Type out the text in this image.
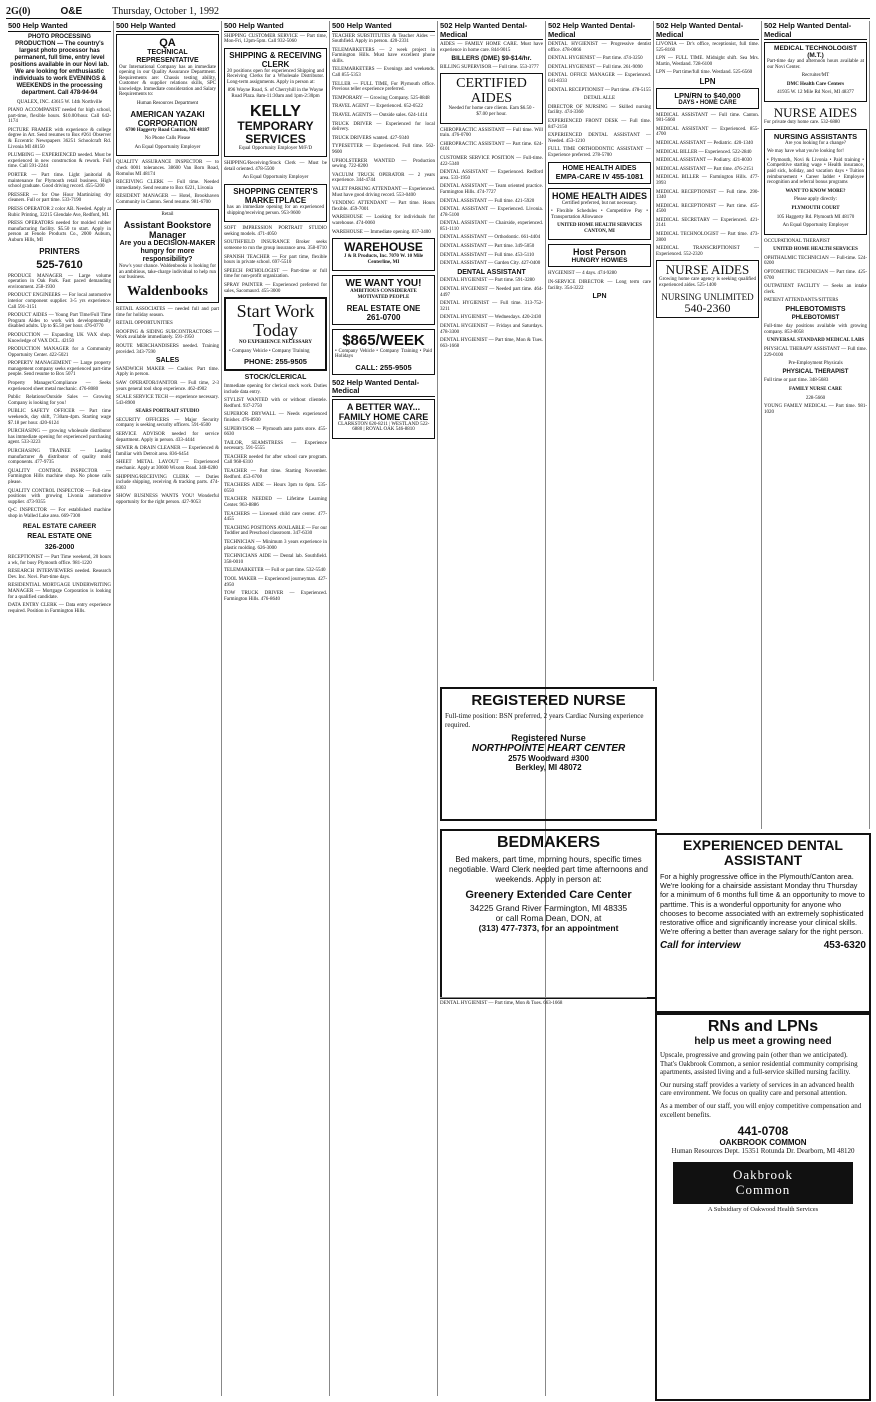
2G(0)	O&E	Thursday, October 1, 1992
500 Help Wanted
PHOTO PROCESSING PRODUCTION — The country's largest photo processor has permanent, full time, entry level positions available in our Novi lab. We are looking for enthusiastic individuals to work EVENINGS & WEEKENDS in the processing department. Call 478-94-94
QUALEX, INC. 43615 W. 14th Northville
PIANO ACCOMPANIST needed for high school, part-time, flexible hours. $10.00/hour. Call 642-1174
PICTURE FRAMER with experience & college degree in Art. Send resumes to Box #261 Observer & Eccentric Newspapers 36251 Schoolcraft Rd. Livonia MI 48150
PLUMBING — EXPERIENCED needed. Must be experienced in new construction & rework. Full time. Call 591-2244
PORTER — Part time. Light janitorial & maintenance for Plymouth retail business. High school graduate. Good driving record. 455-5200
PRESSER — for One Hour Martinizing dry cleaners. Full or part time. 533-7190
PRESS OPERATOR 2 color AB. Needed. Apply at Rubic Printing, 32215 Glendale Ave, Redford, MI.
PRESS OPERATORS needed for molded rubber manufacturing facility. $5.50 to start. Apply in person at Fenolo Products Co., 2000 Auburn, Auburn Hills, MI
PRINTERS
525-7610
PRODUCE MANAGER — Large volume operation in Oak Park. Fast paced demanding environment. 258-1930
PRODUCT ENGINEERS — For local automotive interior component supplier. 3-5 yrs experience. Call 591-3151
PRODUCT AIDES — Young Part Time/Full Time Program Aides to work with developmentally disabled adults. Up to $5.50 per hour. 476-0770
PRODUCTION — Expanding UK VAX shop. Knowledge of VAX DCL. 42150
PRODUCTION MANAGER for a Community Opportunity Center. 422-5021
PROPERTY MANAGEMENT — Large property management company seeks experienced part-time people. Send resume to Box 5071
Property Manager/Compliance — Seeks experienced sheet metal mechanic. 476-8080
Public Relations/Outside Sales — Growing Company is looking for you!
PUBLIC SAFETY OFFICER — Part time weekends, day shift, 7:30am-4pm. Starting wage $7.18 per hour. 420-6124
PURCHASING — growing wholesale distributor has immediate opening for experienced purchasing agent. 533-3223
PURCHASING TRAINEE — Leading manufacturer & distributor of quality mold components. 477-9735
QUALITY CONTROL INSPECTOR — Farmington Hills machine shop. No phone calls please.
QUALITY CONTROL INSPECTOR — Full-time positions with growing Livonia automotive supplier. 473-9355
Q-C INSPECTOR — For established machine shop in Walled Lake area. 669-7300
REAL ESTATE CAREER
REAL ESTATE ONE
326-2000
RECEPTIONIST — Part Time weekend, 20 hours a wk, for busy Plymouth office. 981-1220
RESEARCH INTERVIEWERS needed. Research Dev. Inc. Novi. Part-time days.
RESIDENTIAL MORTGAGE UNDERWRITING MANAGER — Mortgage Corporation is looking for a qualified candidate.
DATA ENTRY CLERK — Data entry experience required. Position in Farmington Hills.
500 Help Wanted
QA
TECHNICAL REPRESENTATIVE
Our International Company has an immediate opening in our Quality Assurance Department. Requirements are: Chassis testing ability, Customer & supplier relations skills, SPC knowledge. Immediate consideration and Salary Requirements to:
Human Resources Department
AMERICAN YAZAKI CORPORATION
6700 Haggerty Road Canton, MI 48187
No Phone Calls Please
An Equal Opportunity Employer
QUALITY ASSURANCE INSPECTOR — to check 0001 tolerances. 38600 Van Born Road, Romulus MI 48174
RECEIVING CLERK — Full time. Needed immediately. Send resume to Box 6221, Livonia
RESIDENT MANAGER — Hotel, Brookhaven Community in Canton. Send resume. 981-6700
Retail
Assistant Bookstore Manager
Are you a DECISION-MAKER hungry for more responsibility?
Now's your chance. Waldenbooks is looking for an ambitious, take-charge individual to help run our business.
Waldenbooks
RETAIL ASSOCIATES — needed full and part time for holiday season.
RETAIL OPPORTUNITIES
ROOFING & SIDING SUBCONTRACTORS — Work available immediately. 591-1950
ROUTE MERCHANDISERS needed. Training provided. 343-7590
SALES
SANDWICH MAKER — Cashier. Part time. Apply in person.
SAW OPERATOR/JANITOR — Full time, 2-3 years general tool shop experience. 462-4902
SCALE SERVICE TECH — experience necessary. 543-8900
SEARS PORTRAIT STUDIO
SECURITY OFFICERS — Major Security company is seeking security officers. 591-6500
SERVICE ADVISOR needed for service department. Apply in person. 433-4444
SEWER & DRAIN CLEANER — Experienced & familiar with Detroit area. 836-6454
SHEET METAL LAYOUT — Experienced mechanic. Apply at 30600 Wixom Road. 348-0280
SHIPPING/RECEIVING CLERK — Duties include shipping, receiving & tracking parts. 474-8303
SHOW BUSINESS WANTS YOU! Wonderful opportunity for the right person. 427-9053
500 Help Wanted
SHIPPING CUSTOMER SERVICE — Part time, Mon-Fri, 12pm-5pm. Call 932-5060
SHIPPING & RECEIVING CLERK
20 positions open for experienced Shipping and Receiving Clerks for a Wholesale Distributor. Long-term assignments. Apply in person at:
896 Wayne Road, S. of Cherryhill in the Wayne Road Plaza. 8am-11:30am and 1pm-2:30pm
KELLY
TEMPORARY
SERVICES
Equal Opportunity Employer M/F/D
SHIPPING/Receiving/Stock Clerk — Must be detail oriented. 478-5500
An Equal Opportunity Employer
SHOPPING CENTER'S MARKETPLACE
has an immediate opening for an experienced shipping/receiving person. 953-9600
SOFT IMPRESSION PORTRAIT STUDIO seeking models. 471-4050
SOUTHFIELD INSURANCE Broker seeks someone to run the group insurance area. 358-0710
SPANISH TEACHER — For part time, flexible hours in private school. 697-5510
SPEECH PATHOLOGIST — Part-time or full time for non-profit organization.
SPRAY PAINTER — Experienced preferred for sales, Sacomaurd. 455-3000
Start Work Today
NO EXPERIENCE NECESSARY
• Company Vehicle • Company Training
PHONE: 255-9505
STOCK/CLERICAL
Immediate opening for clerical stock work. Duties include data entry.
STYLIST WANTED with or without clientele. Redford. 937-2750
SUPERIOR DRYWALL — Needs experienced finisher. 476-8930
SUPERVISOR — Plymouth auto parts store. 455-6630
TAILOR, SEAMSTRESS — Experience necessary. 591-5555
TEACHER needed for after school care program. Call 968-6310
TEACHER — Part time. Starting November. Redford. 453-6700
TEACHERS AIDE — Hours 3pm to 6pm. 535-0550
TEACHER NEEDED — Lifetime Learning Center. 963-8886
TEACHERS — Licensed child care center. 477-4455
TEACHING POSITIONS AVAILABLE — For our Toddler and Preschool classroom. 347-6330
TECHNICIAN — Minimum 3 years experience in plastic molding. 626-3000
TECHNICIANS AIDE — Dental lab. Southfield. 358-0010
TELEMARKETER — Full or part time. 532-5540
TOOL MAKER — Experienced journeyman. 427-4950
TOW TRUCK DRIVER — Experienced. Farmington Hills. 476-8640
500 Help Wanted
TEACHER SUBSTITUTES & Teacher Aides — Southfield. Apply in person. 420-2331
TELEMARKETERS — 2 week project in Farmington Hills. Must have excellent phone skills.
TELEMARKETERS — Evenings and weekends. Call 855-5353
TELLER — FULL TIME, For Plymouth office. Previous teller experience preferred.
TEMPORARY — Growing Company. 525-8848
TRAVEL AGENT — Experienced. 652-0522
TRAVEL AGENTS — Outside sales. 624-1414
TRUCK DRIVER — Experienced for local delivery.
TRUCK DRIVERS wanted. 427-9340
TYPESETTER — Experienced. Full time. 562-9600
UPHOLSTERER WANTED — Production sewing. 722-8200
VACUUM TRUCK OPERATOR — 2 years experience. 344-4744
VALET PARKING ATTENDANT — Experienced. Must have good driving record. 553-0400
VENDING ATTENDANT — Part time. Hours flexible. 459-7001
WAREHOUSE — Looking for individuals for warehouse. 474-0060
WAREHOUSE — Immediate opening. 837-3400
WAREHOUSE
J & R Products, Inc. 7070 W. 10 Mile Centerline, MI
WE WANT YOU!
AMBITIOUS CONSIDERATE MOTIVATED PEOPLE
REAL ESTATE ONE
261-0700
$865/WEEK
• Company Vehicle • Company Training • Paid Holidays
CALL: 255-9505
502 Help Wanted Dental-Medical
A BETTER WAY... FAMILY HOME CARE
CLARKSTON 620-8211 | WESTLAND 522-6880 | ROYAL OAK 546-8810
502 Help Wanted Dental-Medical
AIDES — FAMILY HOME CARE. Must have experience in home care. 844-9015
BILLERS (DME) $9-$14/hr.
BILLING SUPERVISOR — Full time. 553-3777
CERTIFIED
AIDES
Needed for home care clients. Earn $6.50 - $7.00 per hour.
CHIROPRACTIC ASSISTANT — Full time. Will train. 476-0700
CHIROPRACTIC ASSISTANT — Part time. 624-6101
CUSTOMER SERVICE POSITION — Full-time. 422-5340
DENTAL ASSISTANT — Experienced. Redford area. 533-1950
DENTAL ASSISTANT — Team oriented practice. Farmington Hills. 474-7727
DENTAL ASSISTANT — Full time. 421-5920
DENTAL ASSISTANT — Experienced. Livonia. 478-5100
DENTAL ASSISTANT — Chairside, experienced. 851-1110
DENTAL ASSISTANT — Orthodontic. 661-4404
DENTAL ASSISTANT — Part time. 349-5050
DENTAL ASSISTANT — Full time. 453-5110
DENTAL ASSISTANT — Garden City. 427-0400
DENTAL ASSISTANT
DENTAL HYGIENIST — Part time. 591-3280
DENTAL HYGIENIST — Needed part time. 464-4497
DENTAL HYGIENIST — Full time. 313-752-3211
DENTAL HYGIENIST — Wednesdays. 420-2430
DENTAL HYGIENIST — Fridays and Saturdays. 478-3300
DENTAL HYGIENIST — Part time, Mon & Tues. 663-1668
502 Help Wanted Dental-Medical
DENTAL HYGIENIST — Progressive dentist office. 478-0066
DENTAL HYGIENIST — Part time. 474-3250
DENTAL HYGIENIST — Full time. 261-9090
DENTAL OFFICE MANAGER — Experienced. 641-8333
DENTAL RECEPTIONIST — Part time. 478-5155
DETAIL ALLE
DIRECTOR OF NURSING — Skilled nursing facility. 474-3360
EXPERIENCED FRONT DESK — Full time. 847-2150
EXPERIENCED DENTAL ASSISTANT — Needed. 453-1210
FULL TIME ORTHODONTIC ASSISTANT — Experience preferred. 278-5700
HOME HEALTH AIDES
EMPA-CARE IV 455-1081
HOME HEALTH AIDES
Certified preferred, but not necessary.
• Flexible Schedules • Competitive Pay • Transportation Allowance
UNITED HOME HEALTH SERVICES CANTON, MI
Host Person
HUNGRY HOWIES
HYGIENIST — 4 days. 474-9280
IN-SERVICE DIRECTOR — Long term care facility. 354-3222
LPN
502 Help Wanted Dental-Medical
LIVONIA — Dr's office, receptionist, full time. 525-8160
LPN — FULL TIME. Midnight shift. Sea Mrs. Martin, Westland. 728-6100
LPN — Part time/full time. Westland. 525-6560
LPN
LPN/RN to $40,000
DAYS • HOME CARE
MEDICAL ASSISTANT — Full time. Canton. 981-5660
MEDICAL ASSISTANT — Experienced. 855-4700
MEDICAL ASSISTANT — Pediatric. 420-1340
MEDICAL BILLER — Experienced. 522-2840
MEDICAL ASSISTANT — Podiatry. 421-8030
MEDICAL ASSISTANT — Part time. 476-2151
MEDICAL BILLER — Farmington Hills. 477-3993
MEDICAL RECEPTIONIST — Full time. 290-1340
MEDICAL RECEPTIONIST — Part time. 455-4500
MEDICAL SECRETARY — Experienced. 421-2141
MEDICAL TECHNOLOGIST — Part time. 473-2800
MEDICAL TRANSCRIPTIONIST — Experienced. 552-2320
NURSE AIDES
Growing home care agency is seeking qualified experienced aides. 525-1400
NURSING UNLIMITED
540-2360
502 Help Wanted Dental-Medical
MEDICAL TECHNOLOGIST (M.T.)
Part-time day and afternoon hours available at our Novi Center.
Recruiter/MT
DMC Health Care Centers
41935 W. 12 Mile Rd Novi, MI 48377
NURSE AIDES
For private duty home care. 532-6880
NURSING ASSISTANTS
Are you looking for a change?
We may have what you're looking for!
• Plymouth, Novi & Livonia • Paid training • Competitive starting wage • Health insurance, paid sick, holiday, and vacation days • Tuition reimbursement • Career ladder • Employee recognition and referral bonus programs
WANT TO KNOW MORE?
Please apply directly:
PLYMOUTH COURT
105 Haggerty Rd. Plymouth MI 48170
An Equal Opportunity Employer
OCCUPATIONAL THERAPIST
UNITED HOME HEALTH SERVICES
OPHTHALMIC TECHNICIAN — Full-time. 524-0200
OPTOMETRIC TECHNICIAN — Part time. 425-6700
OUTPATIENT FACILITY — Seeks an intake clerk.
PATIENT ATTENDANTS/SITTERS
PHLEBOTOMISTS
PHLEBOTOMIST
Full-time day positions available with growing company. 853-8058
UNIVERSAL STANDARD MEDICAL LABS
PHYSICAL THERAPY ASSISTANT — Full time. 229-0100
Pre-Employment Physicals
PHYSICAL THERAPIST
Full time or part time. 348-5683
FAMILY NURSE CARE
228-5660
YOUNG FAMILY MEDICAL — Part time. 981-1020
EXPERIENCED DENTAL ASSISTANT
For a highly progressive office in the Plymouth/Canton area. We're looking for a chairside assistant Monday thru Thursday for a minimum of 6 months full time & an opportunity to move to parttime. This is a wonderful opportunity for anyone who chooses to become associated with an extremely sophisticated restorative office and significantly increase your clinical skills. We're offering a better than average salary for the right person.
Call for interview	453-6320
REGISTERED NURSE
Full-time position: BSN preferred, 2 years Cardiac Nursing experience required.
Registered Nurse
NORTHPOINTE HEART CENTER
2575 Woodward #300
Berkley, MI 48072
BEDMAKERS
Bed makers, part time, morning hours, specific times negotiable. Ward Clerk needed part time afternoons and weekends. Apply in person at:
Greenery Extended Care Center
34225 Grand River Farmington, MI 48335
or call Roma Dean, DON, at
(313) 477-7373, for an appointment
RNs and LPNs
help us meet a growing need
Upscale, progressive and growing pain (other than we anticipated). That's Oakbrook Common, a senior residential community comprising apartments, assisted living and a full-service skilled nursing facility.
Our nursing staff provides a variety of services in an advanced health care environment. We focus on quality care and personal attention.
As a member of our staff, you will enjoy competitive compensation and excellent benefits.
441-0708
OAKBROOK COMMON
Human Resources Dept. 15351 Rotunda Dr. Dearborn, MI 48120
Oakbrook
Common
A Subsidiary of Oakwood Health Services
DENTAL HYGIENIST — Part time, Mon & Tues. 663-1668
